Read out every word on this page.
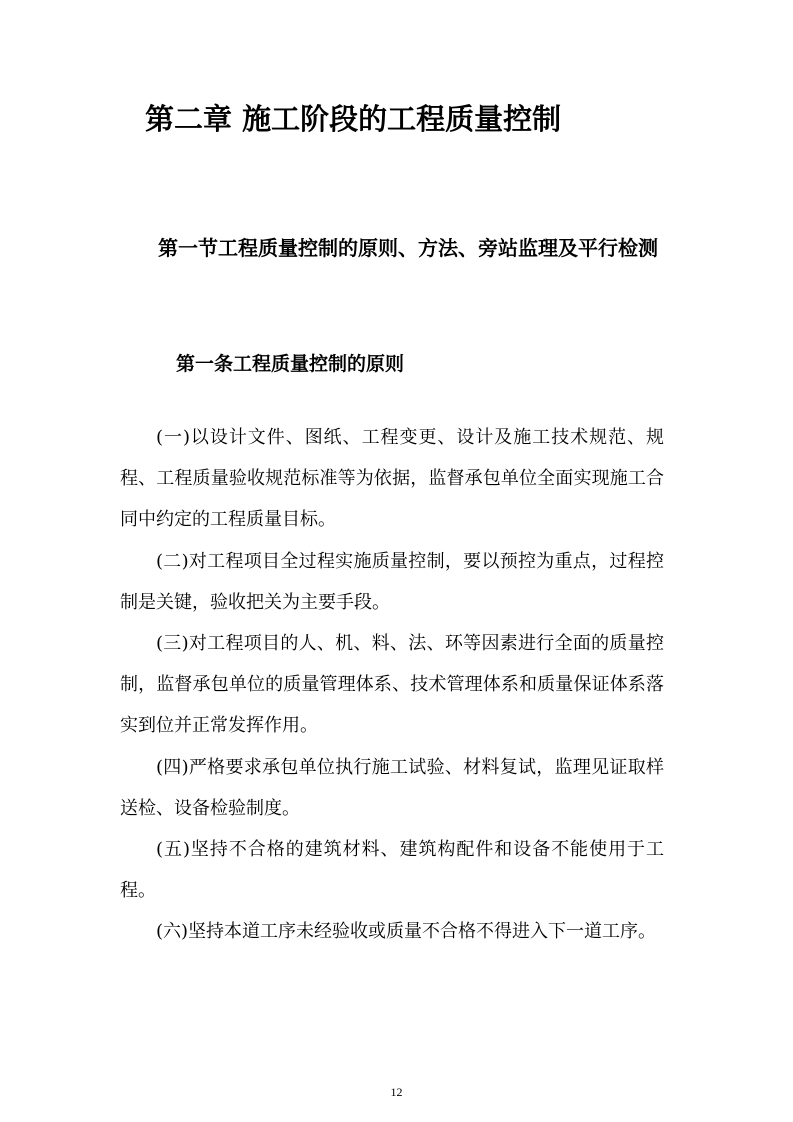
第二章 施工阶段的工程质量控制
第一节工程质量控制的原则、方法、旁站监理及平行检测
第一条工程质量控制的原则

(一)以设计文件、图纸、工程变更、设计及施工技术规范、规程、工程质量验收规范标准等为依据，监督承包单位全面实现施工合同中约定的工程质量目标。

(二)对工程项目全过程实施质量控制，要以预控为重点，过程控制是关键，验收把关为主要手段。

(三)对工程项目的人、机、料、法、环等因素进行全面的质量控制，监督承包单位的质量管理体系、技术管理体系和质量保证体系落实到位并正常发挥作用。

(四)严格要求承包单位执行施工试验、材料复试，监理见证取样送检、设备检验制度。

(五)坚持不合格的建筑材料、建筑构配件和设备不能使用于工程。

(六)坚持本道工序未经验收或质量不合格不得进入下一道工序。

12
